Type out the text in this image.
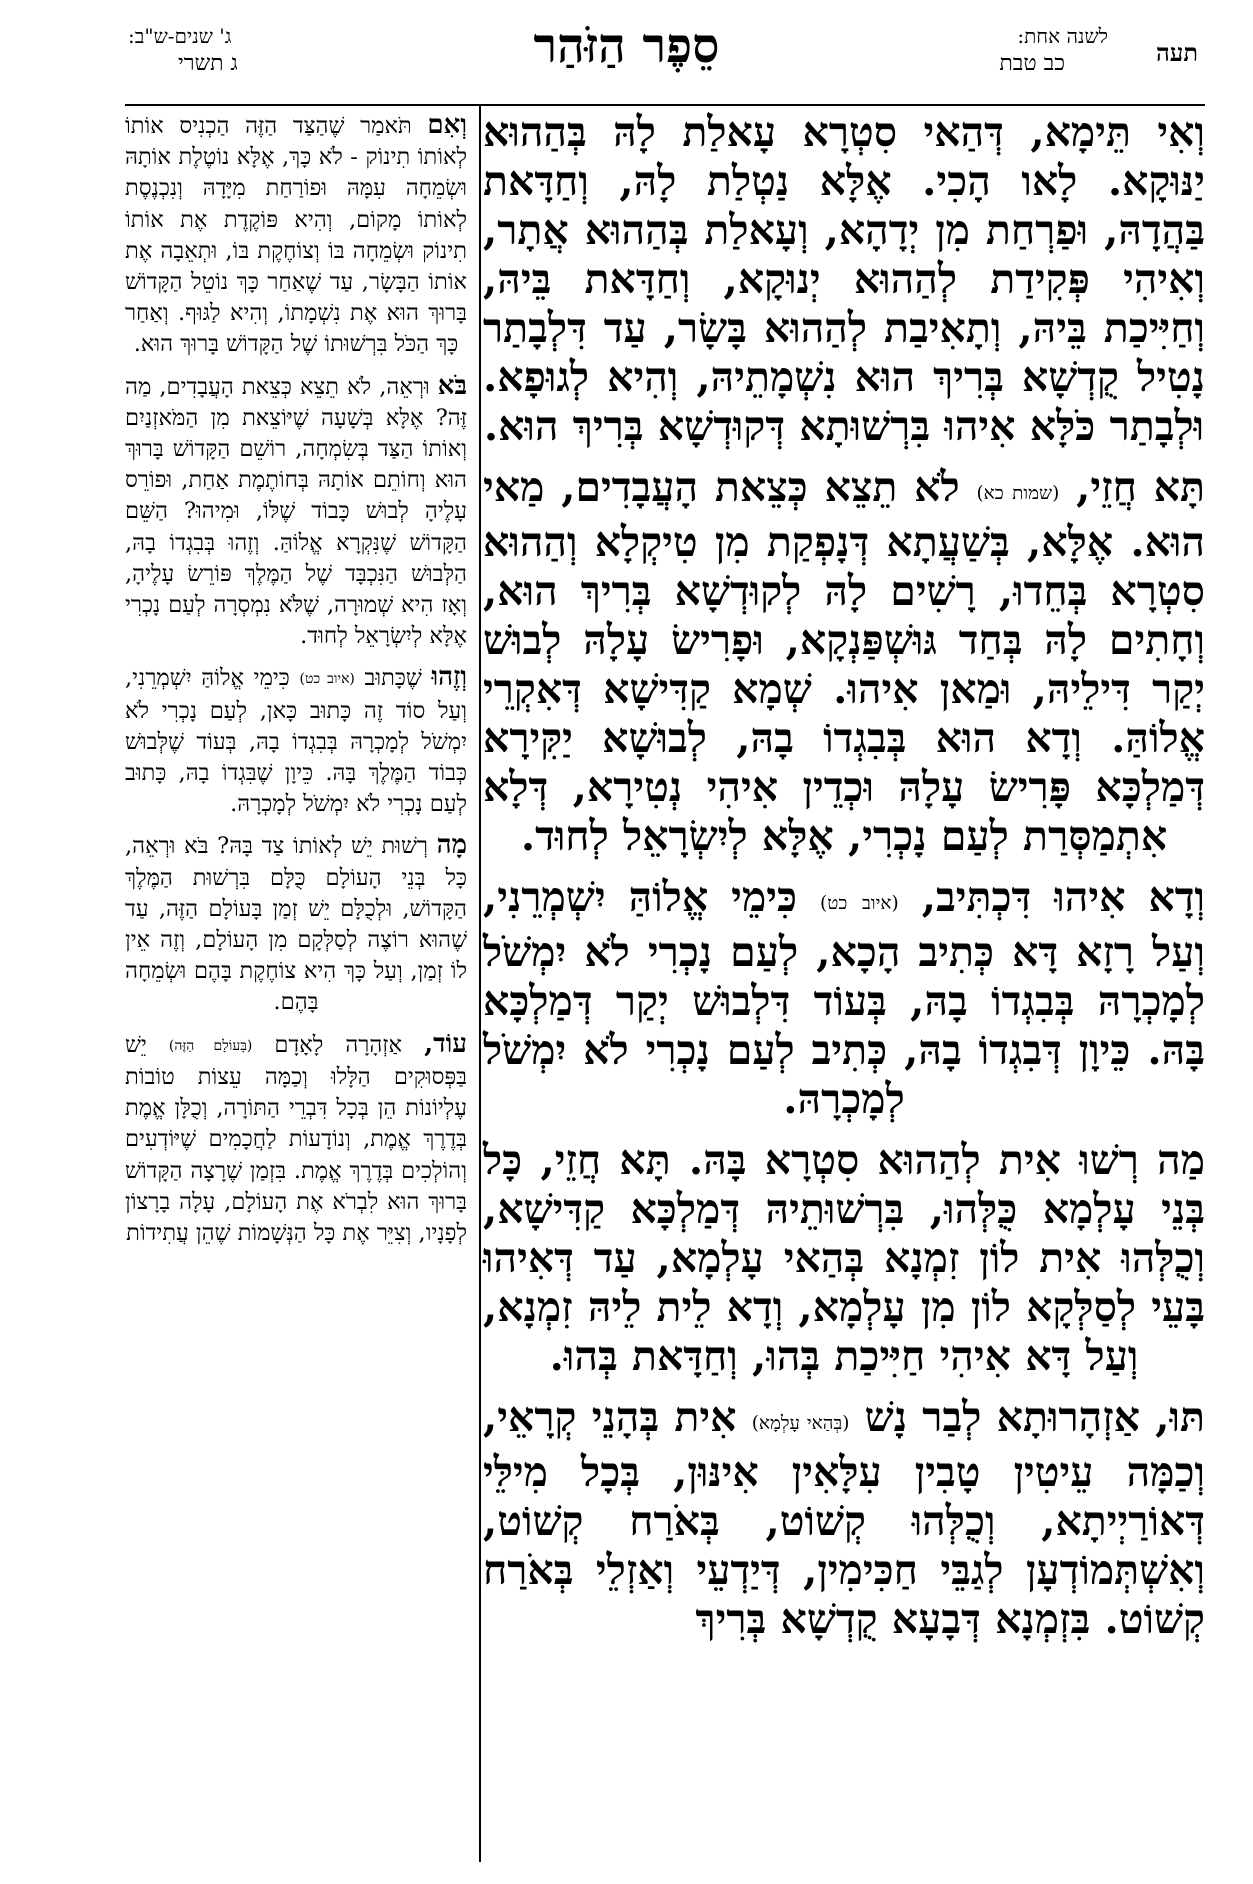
תעה
לשנה אחת:
כב טבת
סֵפֶר הַזֹּהַר
ג' שנים-ש"ב:
ג תשרי

וְאִי תֵּימָא, דְּהַאי סִטְרָא עָאלַת לָהּ בְּהַהוּא יַנּוּקָא. לָאו הָכִי. אֶלָּא נַטְלַת לָהּ, וְחַדָּאת בַּהֲדָהּ, וּפַרְחַת מִן יְדָהָא, וְעָאלַת בְּהַהוּא אֲתָר, וְאִיהִי פְּקִידַת לְהַהוּא יְנוּקָא, וְחַדָּאת בֵּיהּ, וְחַיִּיכַת בֵּיהּ, וְתָאִיבַת לְהַהוּא בָּשָׂר, עַד דִּלְבָתַר נָטִיל קֻדְשָׁא בְּרִיךְ הוּא נִשְׁמָתֵיהּ, וְהִיא לְגוּפָא. וּלְבָתַר כֹּלָּא אִיהוּ בִּרְשׁוּתָא דְּקוּדְשָׁא בְּרִיךְ הוּא.

תָּא חֲזֵי, (שמות כא) לֹא תֵצֵא כְּצֵאת הָעֲבָדִים, מַאי הוּא. אֶלָּא, בְּשַׁעֲתָא דְּנָפְקַת מִן טִיקְלָא וְהַהוּא סִטְרָא בְּחֵדוּ, רָשִׁים לָהּ לְקוּדְשָׁא בְּרִיךְ הוּא, וְחָתִים לָהּ בְּחַד גּוּשְׁפַּנְקָא, וּפָרִישׂ עָלָהּ לְבוּשׁ יְקַר דִּילֵיהּ, וּמַאן אִיהוּ. שְׁמָא קַדִּישָׁא דְּאִקְרֵי אֱלוֹהַּ. וְדָא הוּא בְּבִגְדוֹ בָהּ, לְבוּשָׁא יַקִּירָא דְּמַלְכָּא פָּרִישׂ עָלָהּ וּכְדֵין אִיהִי נְטִירָא, דְּלָא אִתְמַסְּרַת לְעַם נָכְרִי, אֶלָּא לְיִשְׂרָאֵל לְחוּד.

וְדָא אִיהוּ דִּכְתִּיב, (איוב כט) כִּימֵי אֱלוֹהַּ יִשְׁמְרֵנִי, וְעַל רָזָא דָּא כְּתִיב הָכָא, לְעַם נָכְרִי לֹא יִמְשֹׁל לְמָכְרָהּ בְּבִגְדוֹ בָהּ, בְּעוֹד דִּלְבוּשׁ יְקַר דְּמַלְכָּא בָּהּ. כֵּיוָן דְּבִגְדוֹ בָהּ, כְּתִיב לְעַם נָכְרִי לֹא יִמְשֹׁל לְמָכְרָהּ.

מַה רְשׁוּ אִית לְהַהוּא סִטְרָא בָּהּ. תָּא חֲזֵי, כָּל בְּנֵי עָלְמָא כֻּלְּהוּ, בִּרְשׁוּתֵיהּ דְּמַלְכָּא קַדִּישָׁא, וְכֻלְּהוּ אִית לוֹן זִמְנָא בְּהַאי עָלְמָא, עַד דְּאִיהוּ בָּעֵי לְסַלְּקָא לוֹן מִן עָלְמָא, וְדָא לֵית לֵיהּ זִמְנָא, וְעַל דָּא אִיהִי חַיִּיכַת בְּהוּ, וְחַדָּאת בְּהוּ.

תּוּ, אַזְהָרוּתָא לְבַר נָשׁ (בְּהַאי עָלְמָא) אִית בְּהָנֵי קְרָאֵי, וְכַמָּה עֵיטִין טָבִין עִלָּאִין אִינּוּן, בְּכָל מִילֵּי דְּאוֹרַיְיתָא, וְכֻלְּהוּ קְשׁוֹט, בְּאֹרַח קְשׁוֹט, וְאִשְׁתְּמוֹדְעָן לְגַבֵּי חַכִּימִין, דְּיַדְעֵי וְאַזְלֵי בְּאֹרַח קְשׁוֹט. בִּזְמְנָא דְּבָעָא קֻדְשָׁא בְּרִיךְ

וְאִם תֹּאמַר שֶׁהַצַּד הַזֶּה הַכְנִיס אוֹתוֹ לְאוֹתוֹ תִינוֹק - לֹא כָּךְ, אֶלָּא נוֹטֶלֶת אוֹתָהּ וּשְׂמֵחָה עִמָּהּ וּפוֹרַחַת מִיָּדָהּ וְנִכְנֶסֶת לְאוֹתוֹ מָקוֹם, וְהִיא פּוֹקֶדֶת אֶת אוֹתוֹ תִינוֹק וּשְׂמֵחָה בּוֹ וְצוֹחֶקֶת בּוֹ, וּתְאֵבָה אֶת אוֹתוֹ הַבָּשָׂר, עַד שֶׁאַחַר כָּךְ נוֹטֵל הַקָּדוֹשׁ בָּרוּךְ הוּא אֶת נִשְׁמָתוֹ, וְהִיא לַגּוּף. וְאַחַר כָּךְ הַכֹּל בִּרְשׁוּתוֹ שֶׁל הַקָּדוֹשׁ בָּרוּךְ הוּא.

בֹּא וּרְאֵה, לֹא תֵצֵא כְּצֵאת הָעֲבָדִים, מַה זֶּה? אֶלָּא בְּשָׁעָה שֶׁיּוֹצֵאת מִן הַמֹּאזְנַיִם וְאוֹתוֹ הַצַּד בְּשִׂמְחָה, רוֹשֵׁם הַקָּדוֹשׁ בָּרוּךְ הוּא וְחוֹתֵם אוֹתָהּ בְּחוֹתֶמֶת אַחַת, וּפוֹרֵס עָלֶיהָ לְבוּשׁ כָּבוֹד שֶׁלּוֹ, וּמִיהוּ? הַשֵּׁם הַקָּדוֹשׁ שֶׁנִּקְרָא אֱלוֹהַּ. וְזֶהוּ בְּבִגְדוֹ בָהּ, הַלְּבוּשׁ הַנִּכְבָּד שֶׁל הַמֶּלֶךְ פּוֹרֵשׂ עָלֶיהָ, וְאָז הִיא שְׁמוּרָה, שֶׁלֹּא נִמְסְרָה לְעַם נָכְרִי אֶלָּא לְיִשְׂרָאֵל לְחוּד.

וְזֶהוּ שֶׁכָּתוּב (איוב כט) כִּימֵי אֱלוֹהַּ יִשְׁמְרֵנִי, וְעַל סוֹד זֶה כָּתוּב כָּאן, לְעַם נָכְרִי לֹא יִמְשֹׁל לְמָכְרָהּ בְּבִגְדוֹ בָהּ, בְּעוֹד שֶׁלְּבוּשׁ כְּבוֹד הַמֶּלֶךְ בָּהּ. כֵּיוָן שֶׁבִּגְדוֹ בָהּ, כָּתוּב לְעַם נָכְרִי לֹא יִמְשֹׁל לְמָכְרָהּ.

מָה רְשׁוּת יֵשׁ לְאוֹתוֹ צַד בָּהּ? בֹּא וּרְאֵה, כָּל בְּנֵי הָעוֹלָם כֻּלָּם בִּרְשׁוּת הַמֶּלֶךְ הַקָּדוֹשׁ, וּלְכֻלָּם יֵשׁ זְמַן בָּעוֹלָם הַזֶּה, עַד שֶׁהוּא רוֹצֶה לְסַלְּקָם מִן הָעוֹלָם, וְזֶה אֵין לוֹ זְמַן, וְעַל כָּךְ הִיא צוֹחֶקֶת בָּהֶם וּשְׂמֵחָה בָּהֶם.

עוֹד, אַזְהָרָה לָאָדָם (בָּעוֹלָם הַזֶּה) יֵשׁ בַּפְּסוּקִים הַלָּלוּ וְכַמָּה עֵצוֹת טוֹבוֹת עֶלְיוֹנוֹת הֵן בְּכָל דִּבְרֵי הַתּוֹרָה, וְכֻלָּן אֱמֶת בְּדֶרֶךְ אֱמֶת, וְנוֹדָעוֹת לַחֲכָמִים שֶׁיּוֹדְעִים וְהוֹלְכִים בְּדֶרֶךְ אֱמֶת. בִּזְמַן שֶׁרָצָה הַקָּדוֹשׁ בָּרוּךְ הוּא לִבְרֹא אֶת הָעוֹלָם, עָלָה בָרָצוֹן לְפָנָיו, וְצִיֵּר אֶת כָּל הַנְּשָׁמוֹת שֶׁהֵן עֲתִידוֹת
